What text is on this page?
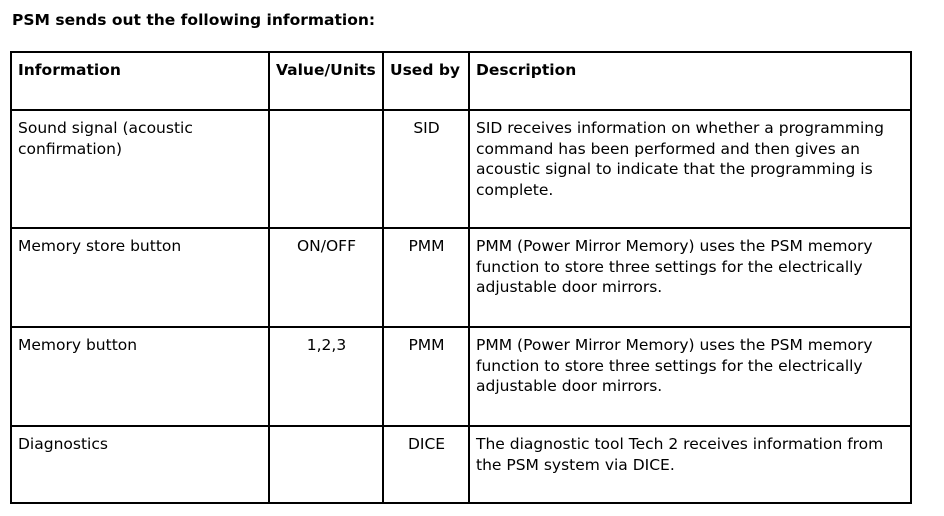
PSM sends out the following information:
Information	Value/Units	Used by	Description
Sound signal (acoustic confirmation)		SID	SID receives information on whether a programming command has been performed and then gives an acoustic signal to indicate that the programming is complete.
Memory store button	ON/OFF	PMM	PMM (Power Mirror Memory) uses the PSM memory function to store three settings for the electrically adjustable door mirrors.
Memory button	1,2,3	PMM	PMM (Power Mirror Memory) uses the PSM memory function to store three settings for the electrically adjustable door mirrors.
Diagnostics		DICE	The diagnostic tool Tech 2 receives information from the PSM system via DICE.
